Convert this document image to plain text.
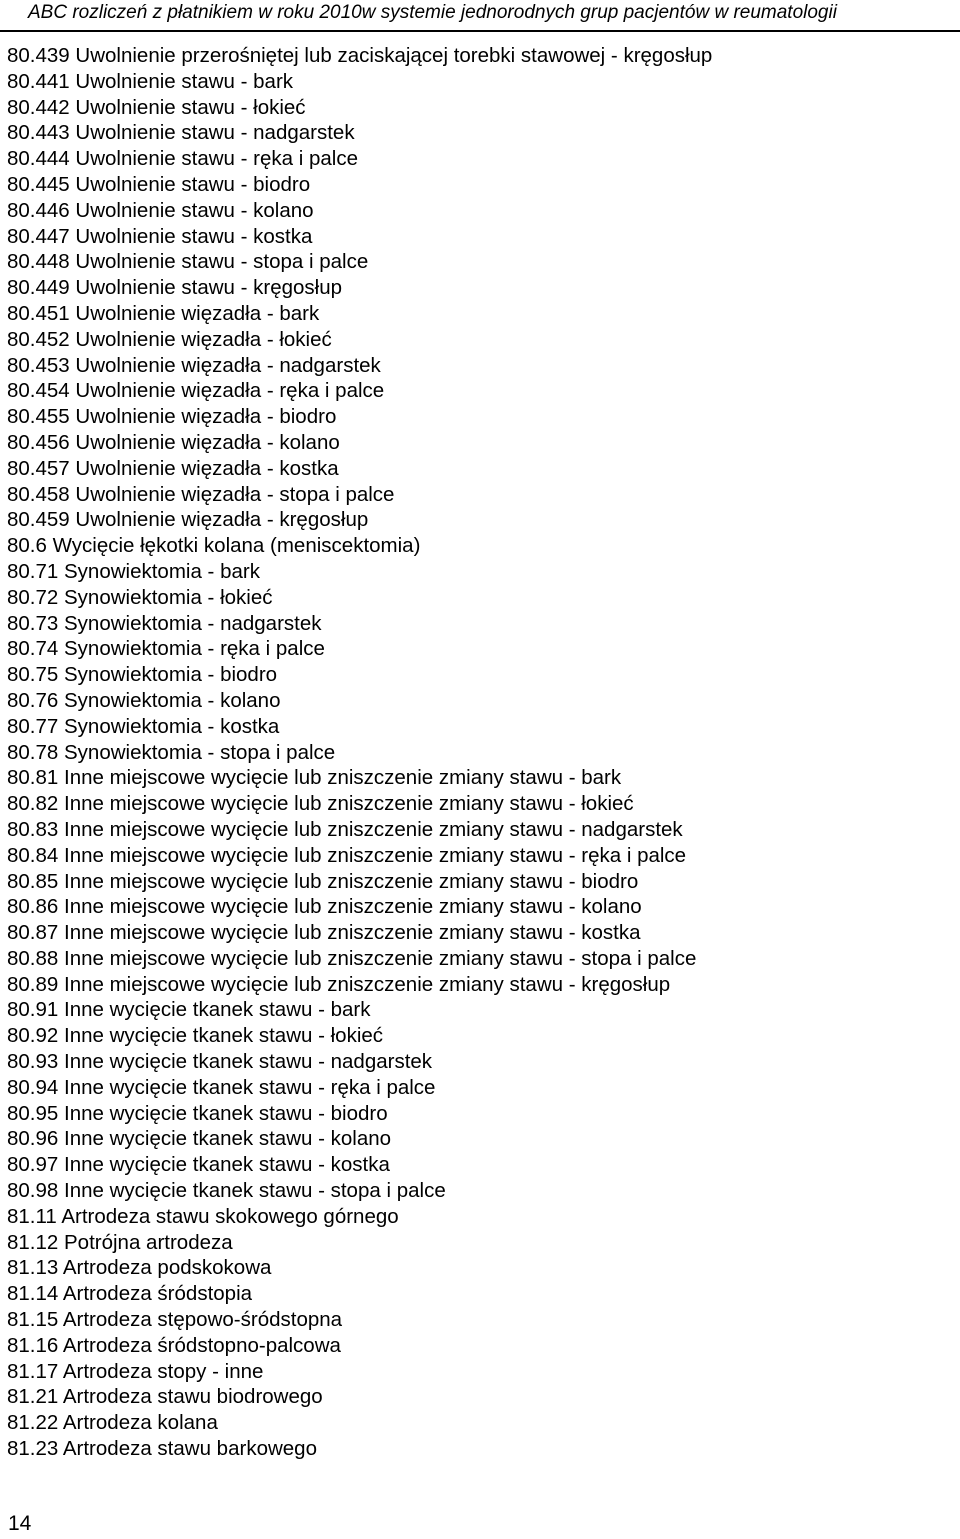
ABC rozliczeń z płatnikiem w roku 2010w systemie jednorodnych grup pacjentów w reumatologii
80.439 Uwolnienie przerośniętej lub zaciskającej torebki stawowej - kręgosłup
80.441 Uwolnienie stawu - bark
80.442 Uwolnienie stawu - łokieć
80.443 Uwolnienie stawu - nadgarstek
80.444 Uwolnienie stawu - ręka i palce
80.445 Uwolnienie stawu - biodro
80.446 Uwolnienie stawu - kolano
80.447 Uwolnienie stawu - kostka
80.448 Uwolnienie stawu - stopa i palce
80.449 Uwolnienie stawu - kręgosłup
80.451 Uwolnienie więzadła - bark
80.452 Uwolnienie więzadła - łokieć
80.453 Uwolnienie więzadła - nadgarstek
80.454 Uwolnienie więzadła - ręka i palce
80.455 Uwolnienie więzadła - biodro
80.456 Uwolnienie więzadła - kolano
80.457 Uwolnienie więzadła - kostka
80.458 Uwolnienie więzadła - stopa i palce
80.459 Uwolnienie więzadła - kręgosłup
80.6 Wycięcie łękotki kolana (meniscektomia)
80.71 Synowiektomia - bark
80.72 Synowiektomia - łokieć
80.73 Synowiektomia - nadgarstek
80.74 Synowiektomia - ręka i palce
80.75 Synowiektomia - biodro
80.76 Synowiektomia - kolano
80.77 Synowiektomia - kostka
80.78 Synowiektomia - stopa i palce
80.81 Inne miejscowe wycięcie lub zniszczenie zmiany stawu - bark
80.82 Inne miejscowe wycięcie lub zniszczenie zmiany stawu - łokieć
80.83 Inne miejscowe wycięcie lub zniszczenie zmiany stawu - nadgarstek
80.84 Inne miejscowe wycięcie lub zniszczenie zmiany stawu - ręka i palce
80.85 Inne miejscowe wycięcie lub zniszczenie zmiany stawu - biodro
80.86 Inne miejscowe wycięcie lub zniszczenie zmiany stawu - kolano
80.87 Inne miejscowe wycięcie lub zniszczenie zmiany stawu - kostka
80.88 Inne miejscowe wycięcie lub zniszczenie zmiany stawu - stopa i palce
80.89 Inne miejscowe wycięcie lub zniszczenie zmiany stawu - kręgosłup
80.91 Inne wycięcie tkanek stawu - bark
80.92 Inne wycięcie tkanek stawu - łokieć
80.93 Inne wycięcie tkanek stawu - nadgarstek
80.94 Inne wycięcie tkanek stawu - ręka i palce
80.95 Inne wycięcie tkanek stawu - biodro
80.96 Inne wycięcie tkanek stawu - kolano
80.97 Inne wycięcie tkanek stawu - kostka
80.98 Inne wycięcie tkanek stawu - stopa i palce
81.11 Artrodeza stawu skokowego górnego
81.12 Potrójna artrodeza
81.13 Artrodeza podskokowa
81.14 Artrodeza śródstopia
81.15 Artrodeza stępowo-śródstopna
81.16 Artrodeza śródstopno-palcowa
81.17 Artrodeza stopy - inne
81.21 Artrodeza stawu biodrowego
81.22 Artrodeza kolana
81.23 Artrodeza stawu barkowego
14
